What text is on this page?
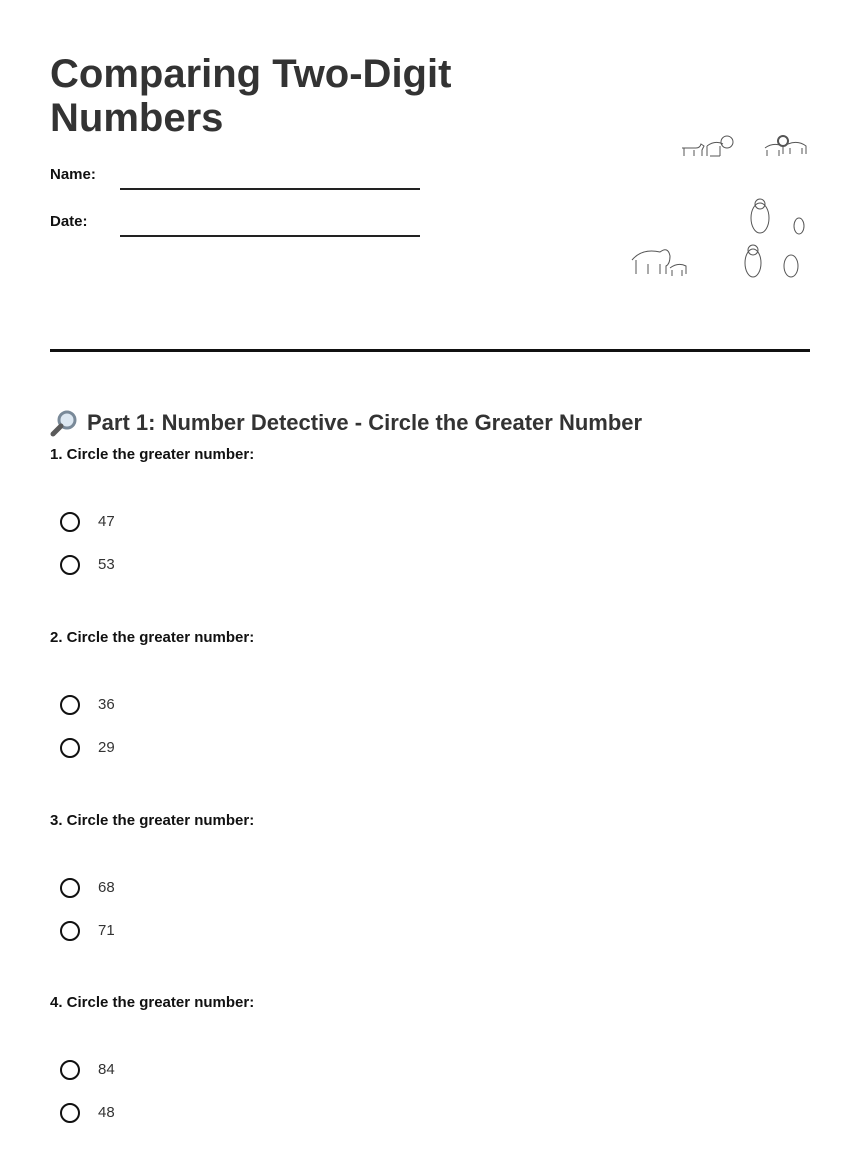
Comparing Two-Digit Numbers
Name:
Date:
Part 1: Number Detective - Circle the Greater Number
1. Circle the greater number:
47
53
2. Circle the greater number:
36
29
3. Circle the greater number:
68
71
4. Circle the greater number:
84
48
